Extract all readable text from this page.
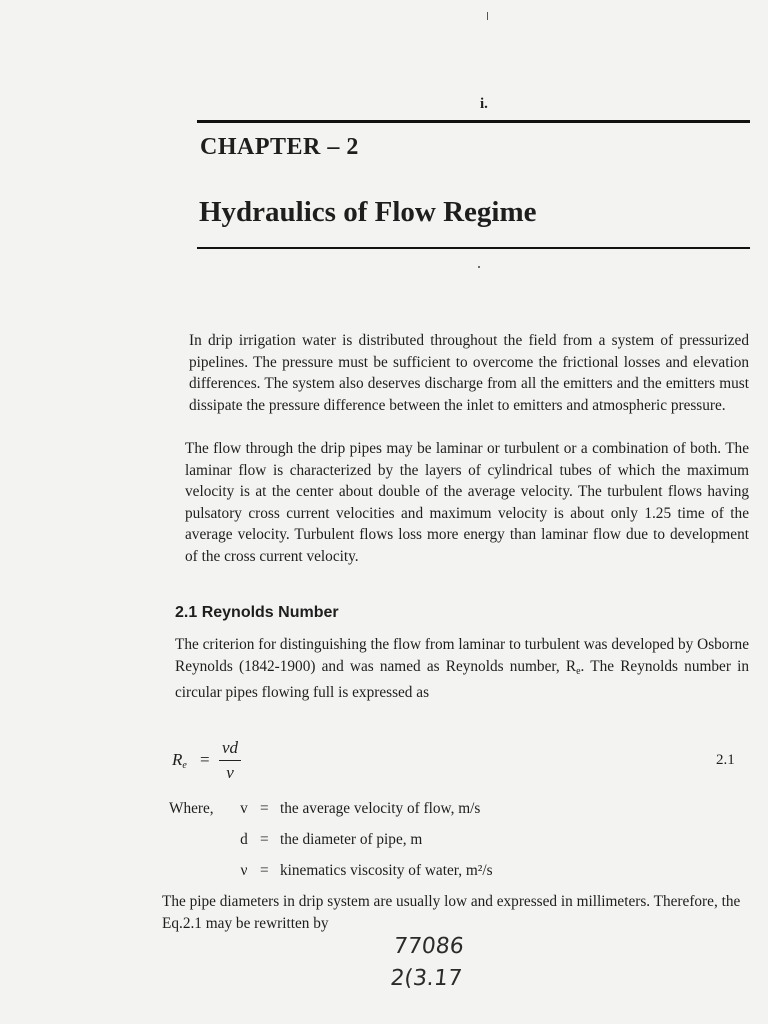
i.
CHAPTER – 2
Hydraulics of Flow Regime

In drip irrigation water is distributed throughout the field from a system of pressurized pipelines. The pressure must be sufficient to overcome the frictional losses and elevation differences. The system also deserves discharge from all the emitters and the emitters must dissipate the pressure difference between the inlet to emitters and atmospheric pressure.

The flow through the drip pipes may be laminar or turbulent or a combination of both. The laminar flow is characterized by the layers of cylindrical tubes of which the maximum velocity is at the center about double of the average velocity. The turbulent flows having pulsatory cross current velocities and maximum velocity is about only 1.25 time of the average velocity. Turbulent flows loss more energy than laminar flow due to development of the cross current velocity.

2.1 Reynolds Number

The criterion for distinguishing the flow from laminar to turbulent was developed by Osborne Reynolds (1842-1900) and was named as Reynolds number, $R_e$. The Reynolds number in circular pipes flowing full is expressed as

$R_e$ =
vd
ν
2.1
Where,	v = the average velocity of flow, m/s
d = the diameter of pipe, m
ν = kinematics viscosity of water, m²/s

The pipe diameters in drip system are usually low and expressed in millimeters. Therefore, the Eq.2.1 may be rewritten by

77086
2(3.17
